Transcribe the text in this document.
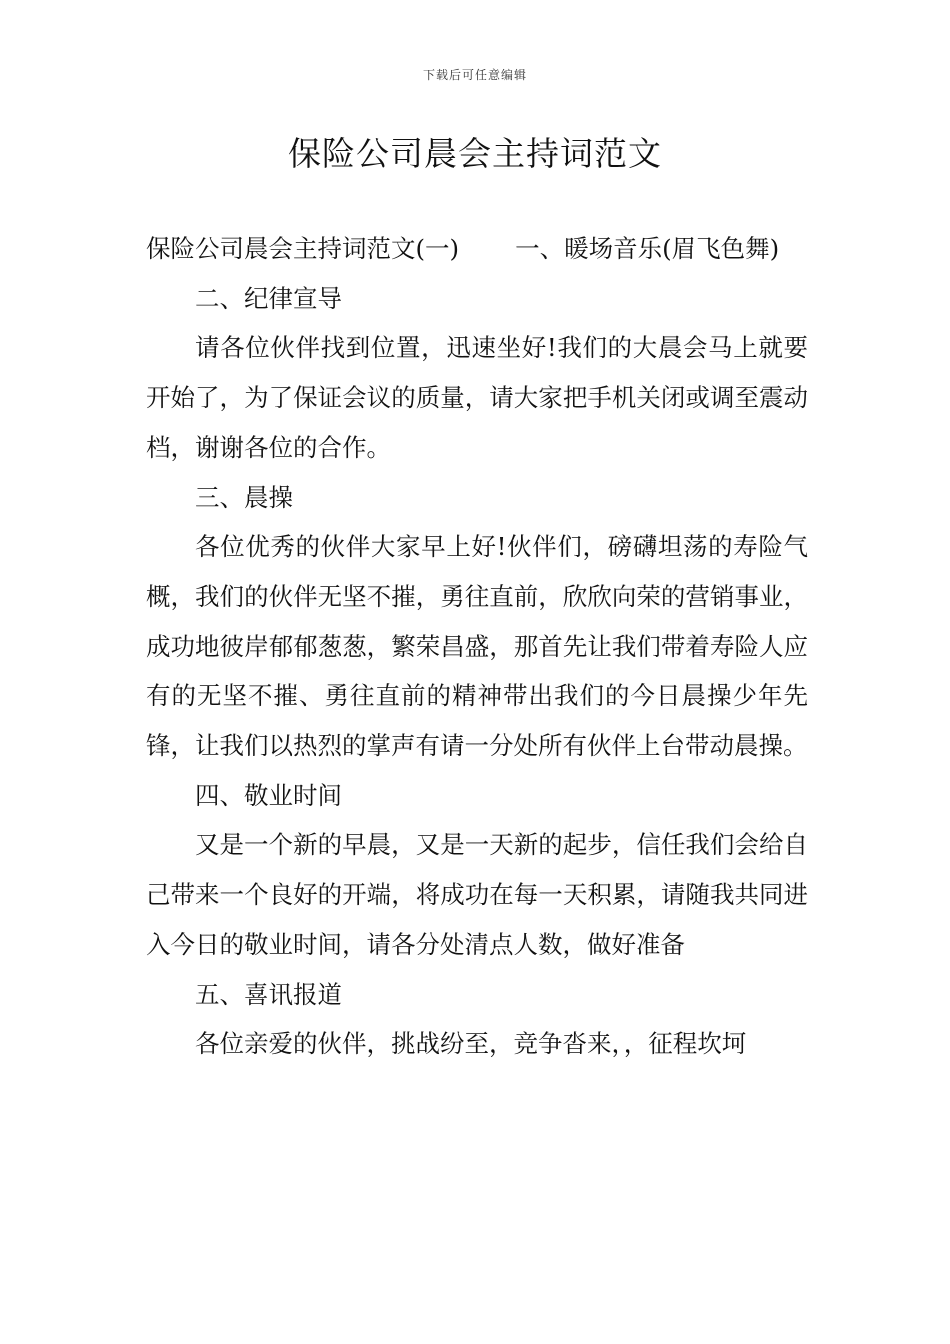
下载后可任意编辑
保险公司晨会主持词范文

保险公司晨会主持词范文(一) 一、暖场音乐(眉飞色舞)

二、纪律宣导

请各位伙伴找到位置，迅速坐好!我们的大晨会马上就要开始了，为了保证会议的质量，请大家把手机关闭或调至震动档，谢谢各位的合作。

三、晨操

各位优秀的伙伴大家早上好!伙伴们，磅礴坦荡的寿险气概，我们的伙伴无坚不摧，勇往直前，欣欣向荣的营销事业，成功地彼岸郁郁葱葱，繁荣昌盛，那首先让我们带着寿险人应有的无坚不摧、勇往直前的精神带出我们的今日晨操少年先锋，让我们以热烈的掌声有请一分处所有伙伴上台带动晨操。

四、敬业时间

又是一个新的早晨，又是一天新的起步，信任我们会给自己带来一个良好的开端，将成功在每一天积累，请随我共同进入今日的敬业时间，请各分处清点人数，做好准备

五、喜讯报道

各位亲爱的伙伴，挑战纷至，竞争沓来，，征程坎坷
